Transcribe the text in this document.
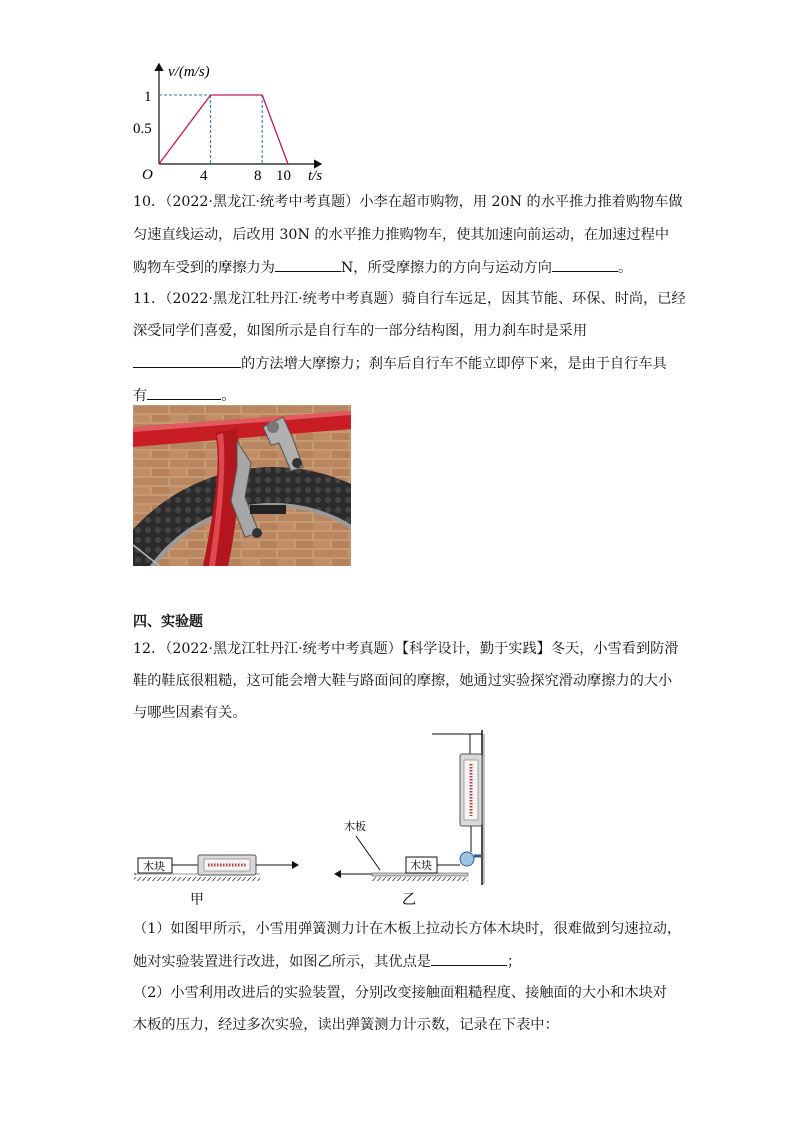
v/(m/s)
t/s
O
1
0.5
4	8 10
10．（2022·黑龙江·统考中考真题）小李在超市购物，用 20N 的水平推力推着购物车做
匀速直线运动，后改用 30N 的水平推力推购物车，使其加速向前运动，在加速过程中
购物车受到的摩擦力为	N，所受摩擦力的方向与运动方向	。
11．（2022·黑龙江牡丹江·统考中考真题）骑自行车远足，因其节能、环保、时尚，已经
深受同学们喜爱，如图所示是自行车的一部分结构图，用力刹车时是采用
的方法增大摩擦力；刹车后自行车不能立即停下来，是由于自行车具
有	。
四、实验题
12．（2022·黑龙江牡丹江·统考中考真题）【科学设计，勤于实践】冬天，小雪看到防滑
鞋的鞋底很粗糙，这可能会增大鞋与路面间的摩擦，她通过实验探究滑动摩擦力的大小
与哪些因素有关。
木块
甲
木板
木块
乙
（1）如图甲所示，小雪用弹簧测力计在木板上拉动长方体木块时，很难做到匀速拉动，
她对实验装置进行改进，如图乙所示，其优点是	；
（2）小雪利用改进后的实验装置，分别改变接触面粗糙程度、接触面的大小和木块对
木板的压力，经过多次实验，读出弹簧测力计示数，记录在下表中：
